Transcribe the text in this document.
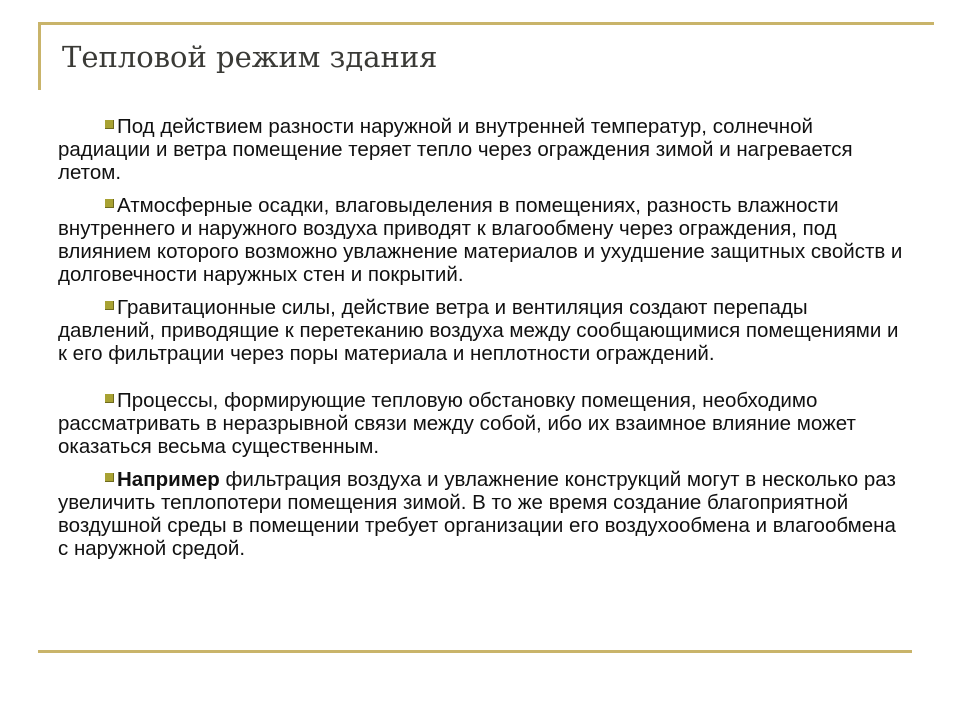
Тепловой режим здания

Под действием разности наружной и внутренней температур, солнечной радиации и ветра помещение теряет тепло через ограждения зимой и нагревается летом.

Атмосферные осадки, влаговыделения в помещениях, разность влажности внутреннего и наружного воздуха приводят к влагообмену через ограждения, под влиянием которого возможно увлажнение материалов и ухудшение защитных свойств и долговечности наружных стен и покрытий.

Гравитационные силы, действие ветра и вентиляция создают перепады давлений, приводящие к перетеканию воздуха между сообщающимися помещениями и к его фильтрации через поры материала и неплотности ограждений.

Процессы, формирующие тепловую обстановку помещения, необходимо рассматривать в неразрывной связи между собой, ибо их взаимное влияние может оказаться весьма существенным.

Например фильтрация воздуха и увлажнение конструкций могут в несколько раз увеличить теплопотери помещения зимой. В то же время создание благоприятной воздушной среды в помещении требует организации его воздухообмена и влагообмена с наружной средой.
